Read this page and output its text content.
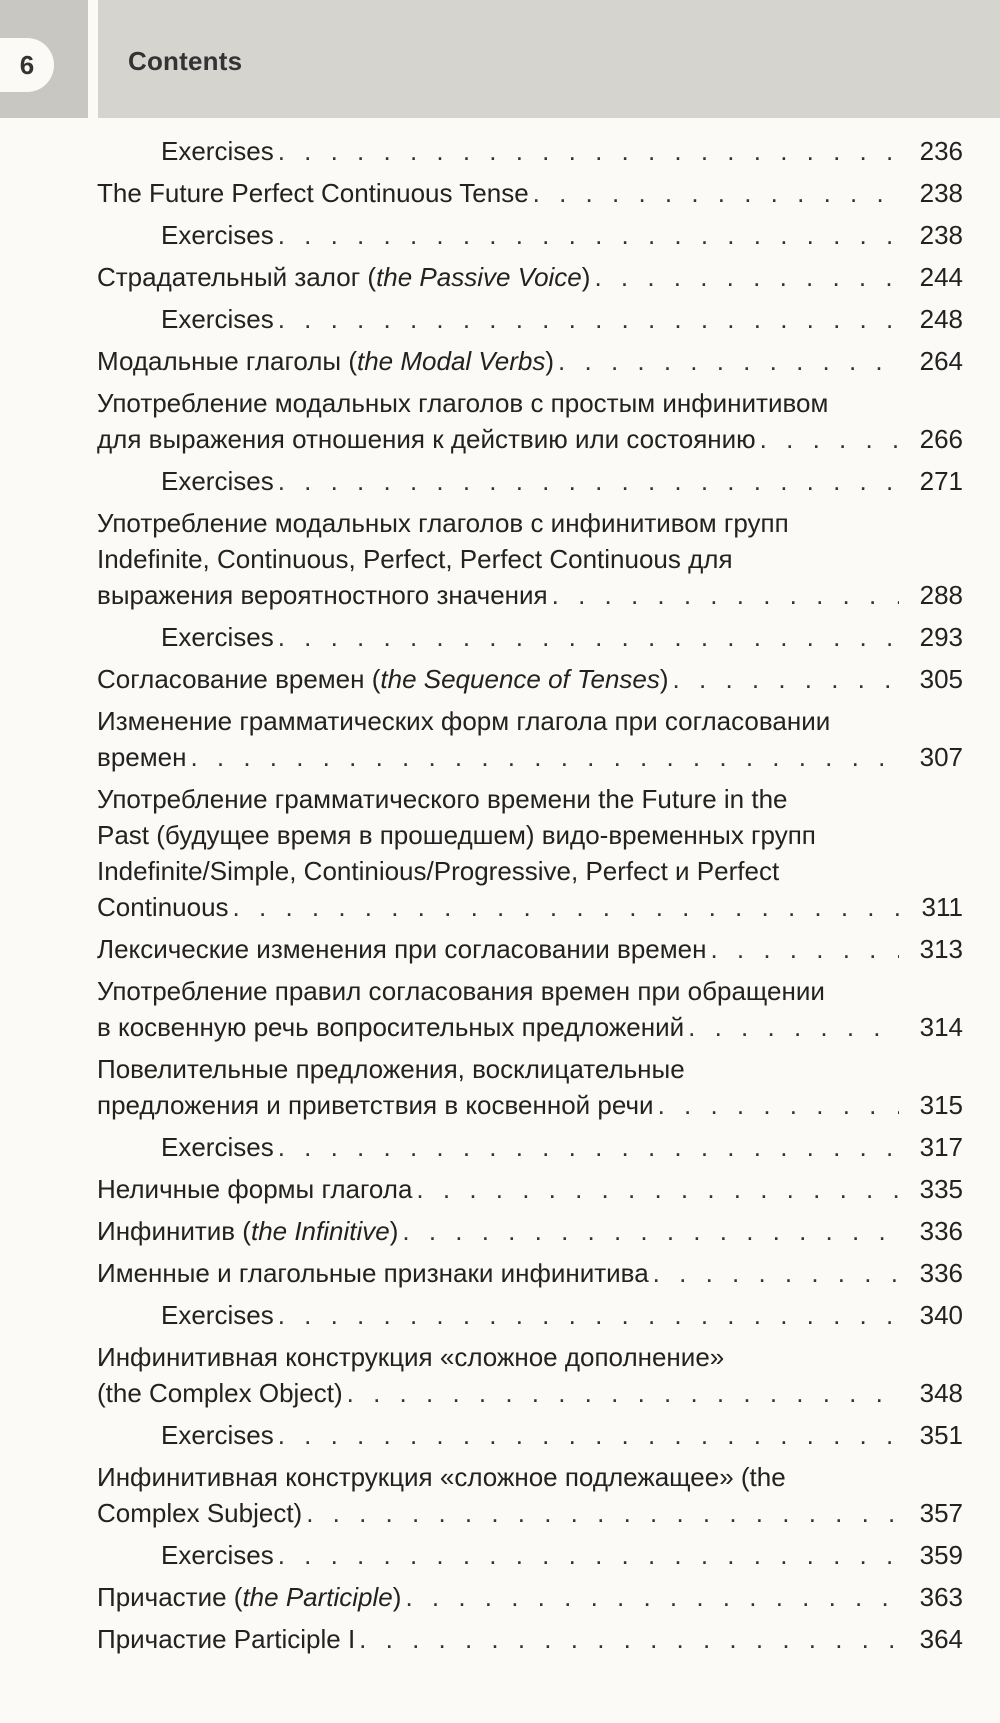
6	Contents
Exercises . . .	236
The Future Perfect Continuous Tense . . .	238
Exercises . . .	238
Страдательный залог (the Passive Voice) . . .	244
Exercises . . .	248
Модальные глаголы (the Modal Verbs) . . .	264
Употребление модальных глаголов с простым инфинитивом
для выражения отношения к действию или состоянию . . .	266
Exercises . . .	271
Употребление модальных глаголов с инфинитивом групп
Indefinite, Continuous, Perfect, Perfect Continuous для
выражения вероятностного значения . . .	288
Exercises . . .	293
Согласование времен (the Sequence of Tenses) . . .	305
Изменение грамматических форм глагола при согласовании
времен . . .	307
Употребление грамматического времени the Future in the
Past (будущее время в прошедшем) видо-временных групп
Indefinite/Simple, Continious/Progressive, Perfect и Perfect
Continuous . . .	311
Лексические изменения при согласовании времен . . .	313
Употребление правил согласования времен при обращении
в косвенную речь вопросительных предложений . . .	314
Повелительные предложения, восклицательные
предложения и приветствия в косвенной речи . . .	315
Exercises . . .	317
Неличные формы глагола . . .	335
Инфинитив (the Infinitive) . . .	336
Именные и глагольные признаки инфинитива . . .	336
Exercises . . .	340
Инфинитивная конструкция «сложное дополнение»
(the Complex Object) . . .	348
Exercises . . .	351
Инфинитивная конструкция «сложное подлежащее» (the
Complex Subject) . . .	357
Exercises . . .	359
Причастие (the Participle) . . .	363
Причастие Participle I . . .	364
